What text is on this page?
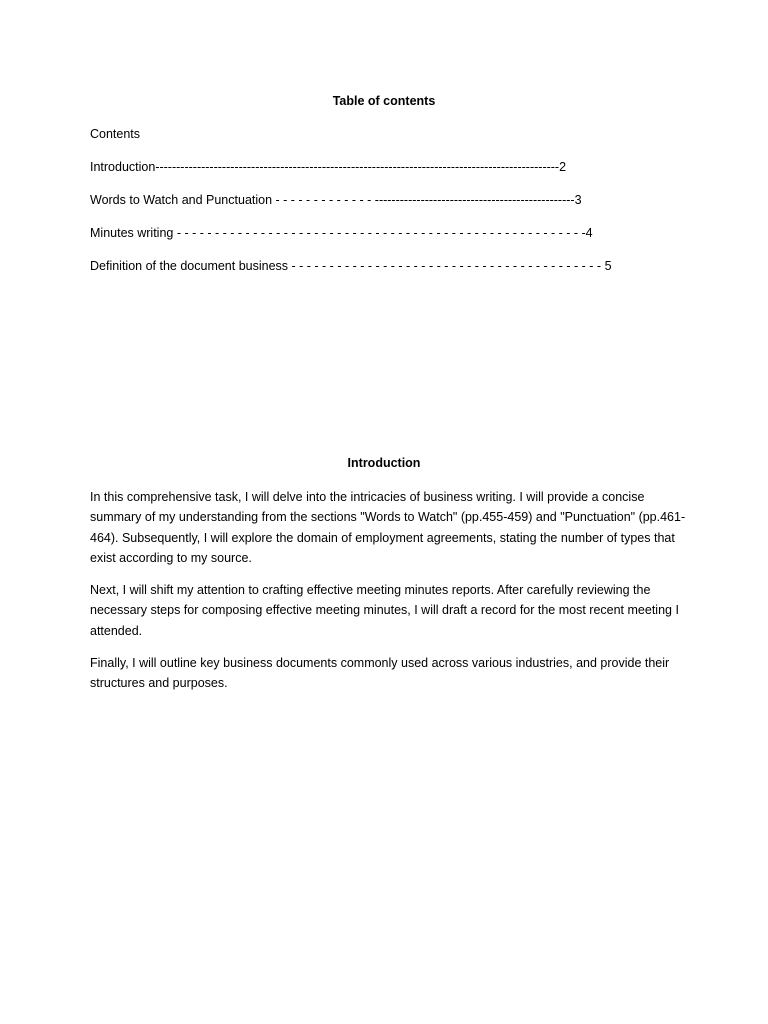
Table of contents
Contents
Introduction-------------------------------------------------------------------------------------------------2
Words to Watch and Punctuation - - - - - - - - - - - - - ------------------------------------------------3
Minutes writing - - - - - - - - - - - - - - - - - - - - - - - - - - - - - - - - - - - - - - - - - - - - - - - - - - - - - -4
Definition of the document business - - - - - - - - - - - - - - - - - - - - - - - - - - - - - - - - - - - - - - - - - 5
Introduction

In this comprehensive task, I will delve into the intricacies of business writing. I will provide a concise summary of my understanding from the sections "Words to Watch" (pp.455-459) and "Punctuation" (pp.461-464). Subsequently, I will explore the domain of employment agreements, stating the number of types that exist according to my source.

Next, I will shift my attention to crafting effective meeting minutes reports. After carefully reviewing the necessary steps for composing effective meeting minutes, I will draft a record for the most recent meeting I attended.

Finally, I will outline key business documents commonly used across various industries, and provide their structures and purposes.
